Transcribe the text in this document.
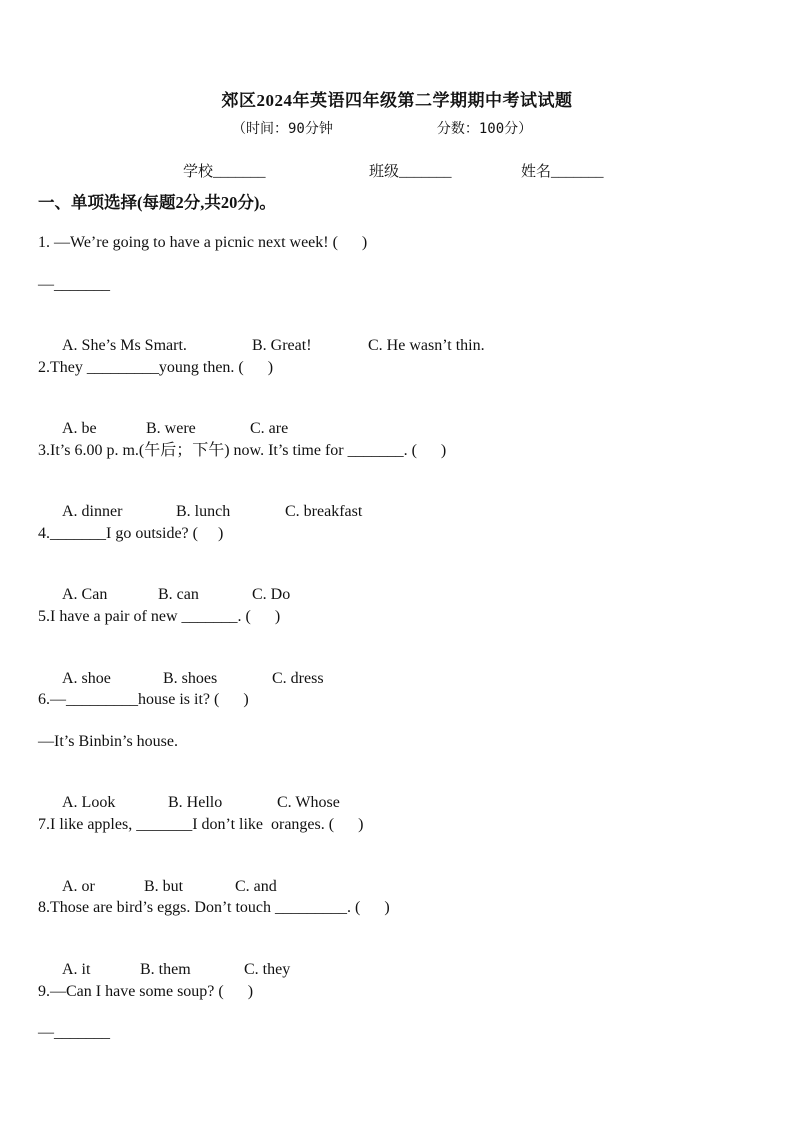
郊区2024年英语四年级第二学期期中考试试题
（时间：90分钟	分数：100分）
学校_______	班级_______	姓名_______
一、单项选择(每题2分,共20分)。
1. —We’re going to have a picnic next week! (      )
—_______

A. She’s Ms Smart.	B. Great!	C. He wasn’t thin.

2.They _________young then. (      )

A. be	B. were	C. are

3.It’s 6.00 p. m.(午后；下午) now. It’s time for _______. (      )

A. dinner	B. lunch	C. breakfast

4._______I go outside? (     )

A. Can	B. can	C. Do

5.I have a pair of new _______. (      )

A. shoe	B. shoes	C. dress

6.—_________house is it? (      )
—It’s Binbin’s house.

A. Look	B. Hello	C. Whose

7.I like apples, _______I don’t like  oranges. (      )

A. or	B. but	C. and

8.Those are bird’s eggs. Don’t touch _________. (      )

A. it	B. them	C. they

9.—Can I have some soup? (      )
—_______
